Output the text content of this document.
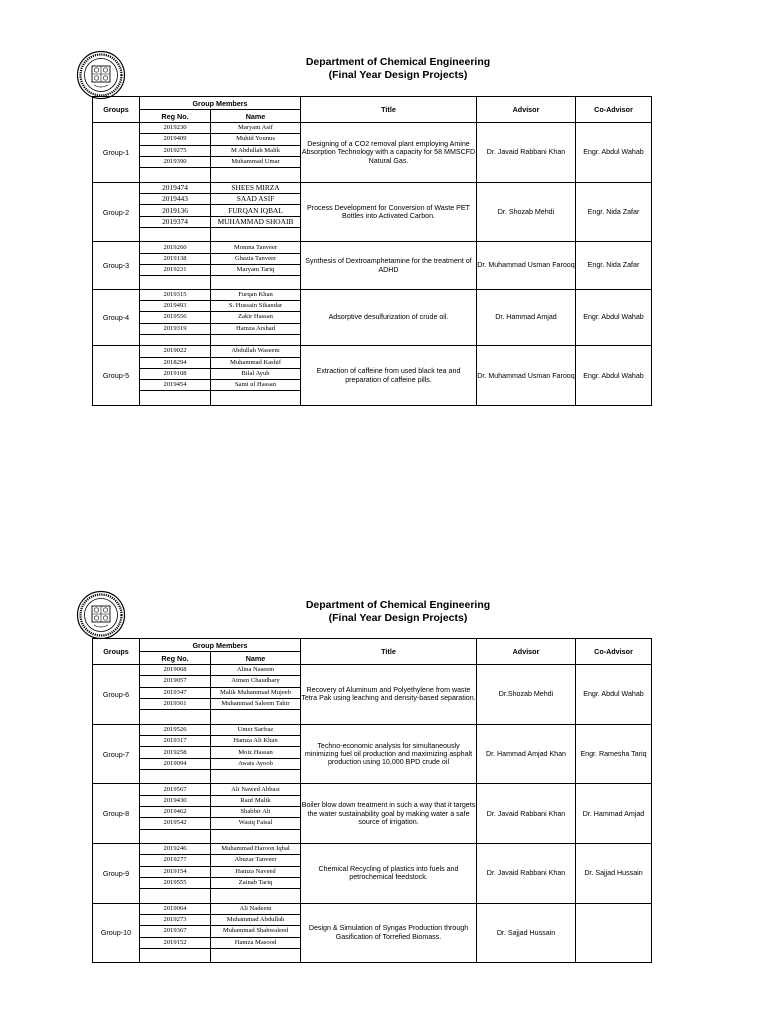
Department of Chemical Engineering
(Final Year Design Projects)
Groups	Group Members		Title	Advisor	Co-Advisor
	Reg No.	Name			
Group-1	2019230	Maryam Asif	Designing of a CO2 removal plant employing Amine Absorption Technology with a capacity for 58 MMSCFD Natural Gas.	Dr. Javaid Rabbani Khan	Engr. Abdul Wahab
	2019409	Muhid Younus			
	2019275	M Abdullah Malik			
	2019390	Muhammad Umar			

Group-2	2019474	SHEES MIRZA	Process Development for Conversion of Waste PET Bottles into Activated Carbon.	Dr. Shozab Mehdi	Engr. Nida Zafar
	2019443	SAAD ASIF			
	2019136	FURQAN IQBAL			
	2019374	MUHAMMAD SHOAIB			

Group-3	2019260	Momna Tanveer	Synthesis of Dextroamphetamine for the treatment of ADHD	Dr. Muhammad Usman Farooq	Engr. Nida Zafar
	2019138	Ghazia Tanveer			
	2019231	Maryam Tariq			

Group-4	2019315	Furqan Khan	Adsorptive desulfurization of crude oil.	Dr. Hammad Amjad	Engr. Abdul Wahab
	2019493	S. Hussain Sikandar			
	2019556	Zakir Hassan			
	2019319	Hamza Arshad			

Group-5	2019022	Abdullah Waseem	Extraction of caffeine from used black tea and preparation of caffeine pills.	Dr. Muhammad Usman Farooq	Engr. Abdul Wahab
	2018294	Muhammad Kashif			
	2019108	Bilal Ayub			
	2019454	Sami ul Hassan			

Department of Chemical Engineering
(Final Year Design Projects)
Groups	Group Members		Title	Advisor	Co-Advisor
	Reg No.	Name			
Group-6	2019068	Alina Naseem	Recovery of Aluminum and Polyethylene from waste Tetra Pak using leaching and density-based separation.	Dr.Shozab Mehdi	Engr. Abdul Wahab
	2019057	Aimen Chaudhary			
	2019347	Malik Muhammad Mujeeb			
	2019361	Muhammad Saleem Tahir			

Group-7	2019526	Umer Sarfraz	Techno-economic analysis for simultaneously minimizing fuel oil production and maximizing asphalt production using 10,000 BPD crude oil	Dr. Hammad Amjad Khan	Engr. Ramesha Tariq
	2019317	Hamza Ali Khan			
	2019258	Moiz Hassan			
	2019094	Awais Ayoob			

Group-8	2019567	Ali Nawed Abbasi	Boiler blow down treatment in such a way that it targets the water sustainability goal by making water a safe source of irrigation.	Dr. Javaid Rabbani Khan	Dr. Hammad Amjad
	2019430	Rauf Malik			
	2019462	Shabbir Ali			
	2019542	Wasiq Faisal			

Group-9	2019246	Muhammad Haroon Iqbal	Chemical Recycling of plastics into fuels and petrochemical feedstock.	Dr. Javaid Rabbani Khan	Dr. Sajjad Hussain
	2019277	Abuzar Tanveer			
	2019154	Hamza Naveed			
	2019555	Zainab Tariq			

Group-10	2019064	Ali Nadeem	Design & Simulation of Syngas Production through Gasification of Torrefied Biomass.	Dr. Sajjad Hussain	
	2019273	Muhammad Abdullah			
	2019367	Muhammad Shahwaleed			
	2019152	Hamza Masood			
